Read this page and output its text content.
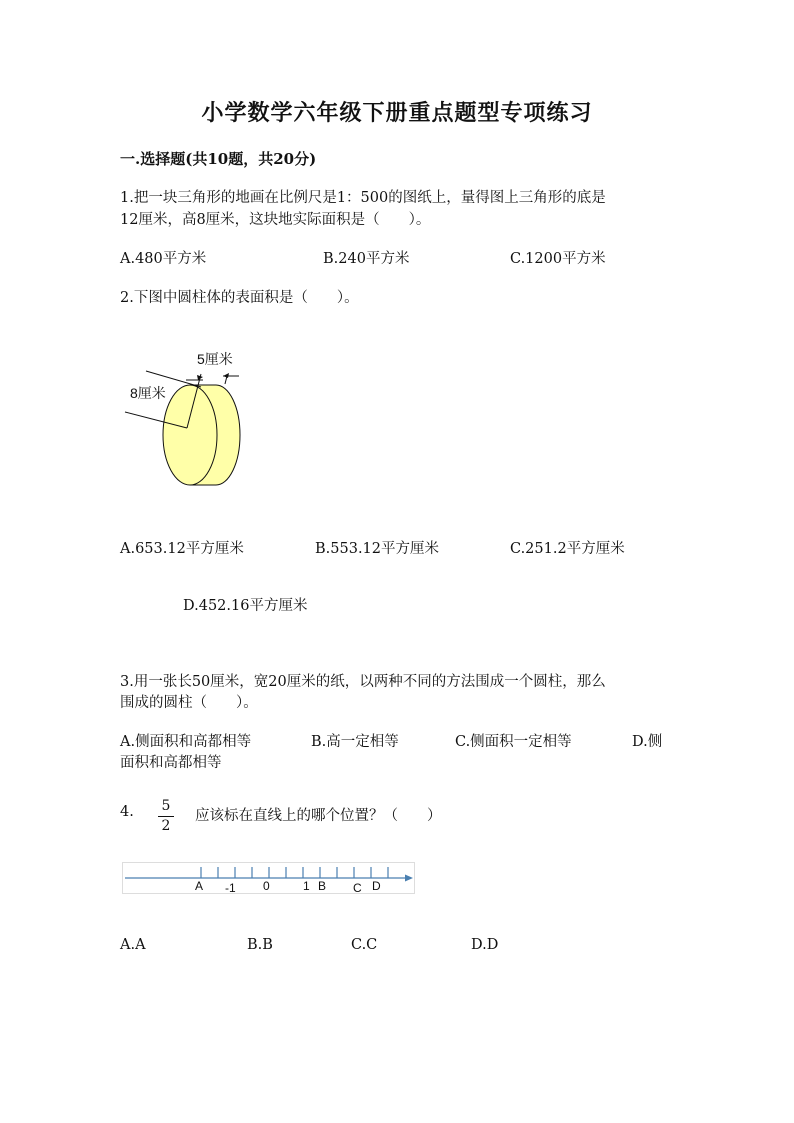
小学数学六年级下册重点题型专项练习
一.选择题(共10题，共20分)
1.把一块三角形的地画在比例尺是1：500的图纸上，量得图上三角形的底是
12厘米，高8厘米，这块地实际面积是（　　）。
A.480平方米	B.240平方米	C.1200平方米
2.下图中圆柱体的表面积是（　　）。
5厘米
8厘米
A.653.12平方厘米	B.553.12平方厘米	C.251.2平方厘米
D.452.16平方厘米
3.用一张长50厘米，宽20厘米的纸，以两种不同的方法围成一个圆柱，那么
围成的圆柱（　　）。
A.侧面积和高都相等	B.高一定相等	C.侧面积一定相等	D.侧
面积和高都相等
4. 5
2
应该标在直线上的哪个位置？（　　）
A -1 0	1 B C D
A.A	B.B	C.C	D.D
